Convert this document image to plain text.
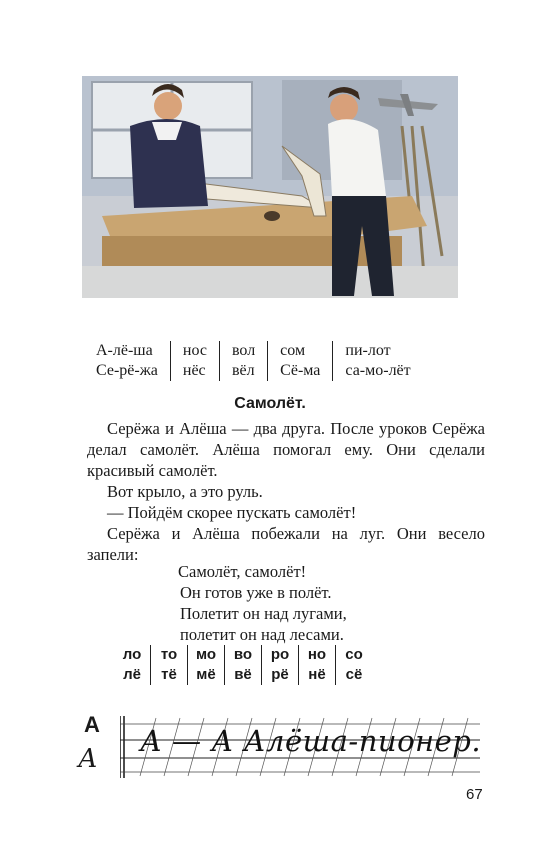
А-лё-ша
Се-рё-жа
нос
нёс
вол
вёл
сом
Сё-ма
пи-лот
са-мо-лёт
Самолёт.

Серёжа и Алёша — два друга. После уроков Серёжа делал самолёт. Алёша помогал ему. Они сделали красивый самолёт.

Вот крыло, а это руль.

— Пойдём скорее пускать самолёт!

Серёжа и Алёша побежали на луг. Они весело запели:

Самолёт, самолёт!
Он готов уже в полёт.
Полетит он над лугами,
полетит он над лесами.
ло
лё
то
тё
мо
мё
во
вё
ро
рё
но
нё
со
сё
А
А
А — А Алёша-пионер.
67
